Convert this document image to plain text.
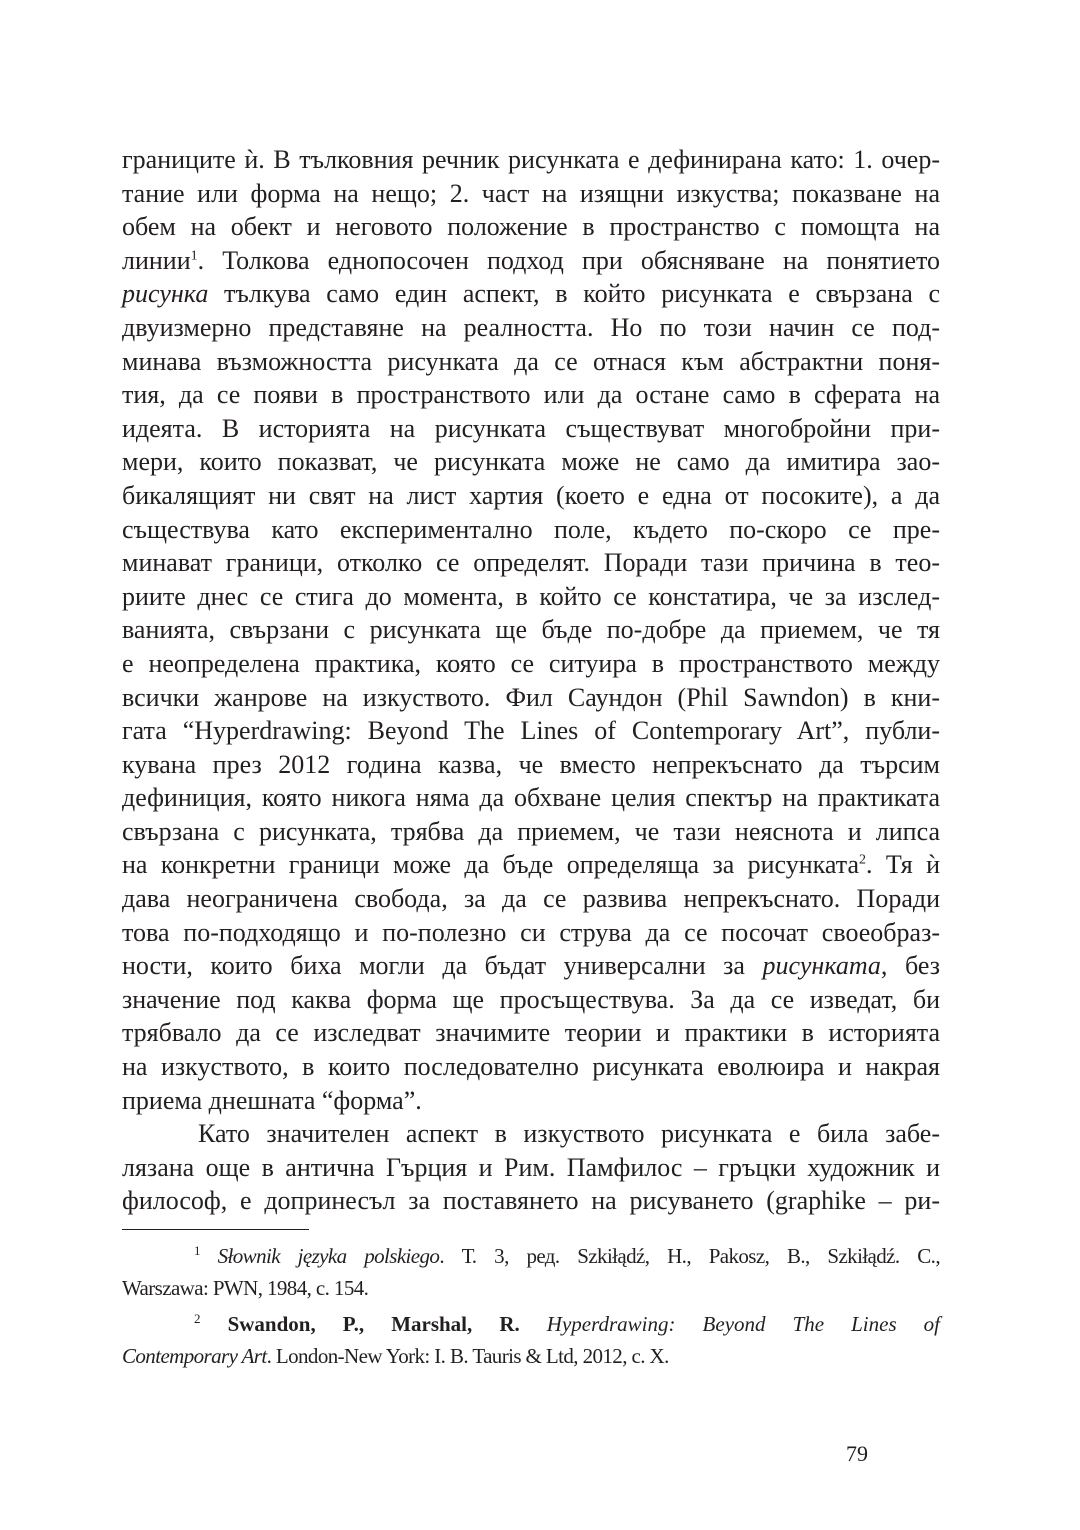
границите ѝ. В тълковния речник рисунката е дефинирана като: 1. очер-
тание или форма на нещо; 2. част на изящни изкуства; показване на
обем на обект и неговото положение в пространство с помощта на
линии$^1$. Толкова еднопосочен подход при обясняване на понятието
рисунка тълкува само един аспект, в който рисунката е свързана с
двуизмерно представяне на реалността. Но по този начин се под-
минава възможността рисунката да се отнася към абстрактни поня-
тия, да се появи в пространството или да остане само в сферата на
идеята. В историята на рисунката съществуват многобройни при-
мери, които показват, че рисунката може не само да имитира зао-
бикалящият ни свят на лист хартия (което е една от посоките), а да
съществува като експериментално поле, където по-скоро се пре-
минават граници, отколко се определят. Поради тази причина в тео-
риите днес се стига до момента, в който се констатира, че за изслед-
ванията, свързани с рисунката ще бъде по-добре да приемем, че тя
е неопределена практика, която се ситуира в пространството между
всички жанрове на изкуството. Фил Саундон (Phil Sawndon) в кни-
гата “Hyperdrawing: Beyond The Lines of Contemporary Art”, публи-
кувана през 2012 година казва, че вместо непрекъснато да търсим
дефиниция, която никога няма да обхване целия спектър на практиката
свързана с рисунката, трябва да приемем, че тази неяснота и липса
на конкретни граници може да бъде определяща за рисунката$^2$. Тя ѝ
дава неограничена свобода, за да се развива непрекъснато. Поради
това по-подходящо и по-полезно си струва да се посочат своеобраз-
ности, които биха могли да бъдат универсални за рисунката, без
значение под каква форма ще просъществува. За да се изведат, би
трябвало да се изследват значимите теории и практики в историята
на изкуството, в които последователно рисунката еволюира и накрая
приема днешната “форма”.
Като значителен аспект в изкуството рисунката е била забе-
лязана още в антична Гърция и Рим. Памфилос – гръцки художник и
философ, е допринесъл за поставянето на рисуването (graphike – ри-
$^1$ Słownik języka polskiego. Т. 3, ред. Szkiłądź, H., Pakosz, B., Szkiłądź. C.,
Warszawa: PWN, 1984, с. 154.
$^2$ Swandon, P., Marshal, R. Hyperdrawing: Beyond The Lines of
Contemporary Art. London-New York: I. B. Tauris & Ltd, 2012, с. X.
79
